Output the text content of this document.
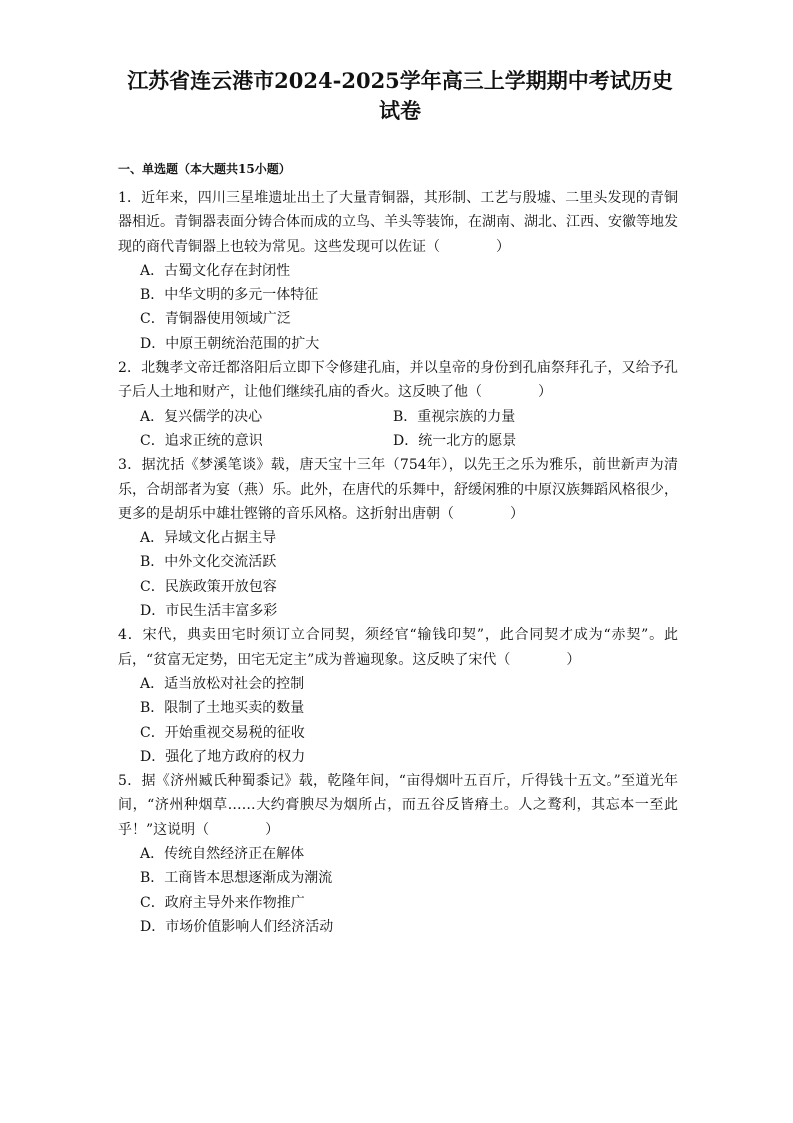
江苏省连云港市2024-2025学年高三上学期期中考试历史
试卷

一、单选题（本大题共15小题）

1．近年来，四川三星堆遗址出土了大量青铜器，其形制、工艺与殷墟、二里头发现的青铜器相近。青铜器表面分铸合体而成的立鸟、羊头等装饰，在湖南、湖北、江西、安徽等地发现的商代青铜器上也较为常见。这些发现可以佐证（　　　　）

A．古蜀文化存在封闭性

B．中华文明的多元一体特征

C．青铜器使用领域广泛

D．中原王朝统治范围的扩大

2．北魏孝文帝迁都洛阳后立即下令修建孔庙，并以皇帝的身份到孔庙祭拜孔子，又给予孔子后人土地和财产，让他们继续孔庙的香火。这反映了他（　　　　）

A．复兴儒学的决心	B．重视宗族的力量
C．追求正统的意识	D．统一北方的愿景

3．据沈括《梦溪笔谈》载，唐天宝十三年（754年），以先王之乐为雅乐，前世新声为清乐，合胡部者为宴（燕）乐。此外，在唐代的乐舞中，舒缓闲雅的中原汉族舞蹈风格很少，更多的是胡乐中雄壮铿锵的音乐风格。这折射出唐朝（　　　　）

A．异域文化占据主导

B．中外文化交流活跃

C．民族政策开放包容

D．市民生活丰富多彩

4．宋代，典卖田宅时须订立合同契，须经官“输钱印契”，此合同契才成为“赤契”。此后，“贫富无定势，田宅无定主”成为普遍现象。这反映了宋代（　　　　）

A．适当放松对社会的控制

B．限制了土地买卖的数量

C．开始重视交易税的征收

D．强化了地方政府的权力

5．据《济州臧氏种蜀黍记》载，乾隆年间，“亩得烟叶五百斤，斤得钱十五文。”至道光年间，“济州种烟草……大约膏腴尽为烟所占，而五谷反皆瘠土。人之鹜利，其忘本一至此乎！”这说明（　　　　）

A．传统自然经济正在解体

B．工商皆本思想逐渐成为潮流

C．政府主导外来作物推广

D．市场价值影响人们经济活动
